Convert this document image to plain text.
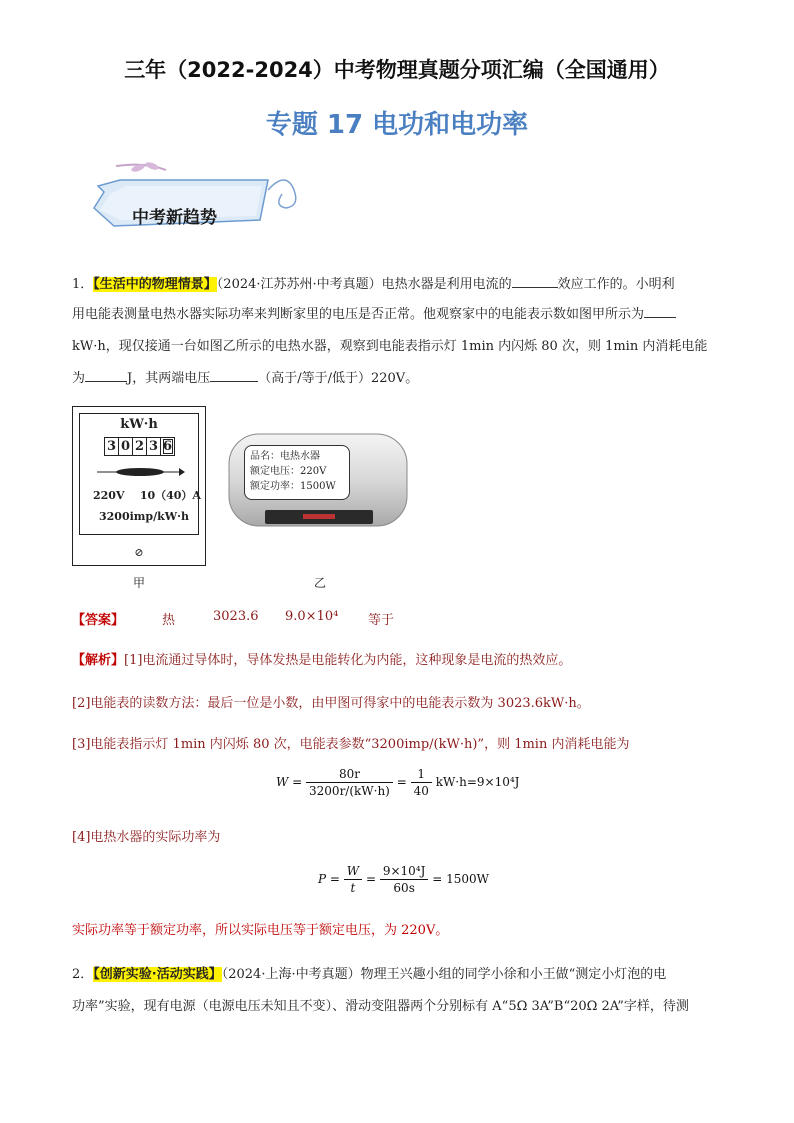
三年（2022-2024）中考物理真题分项汇编（全国通用）
专题 17 电功和电功率
中考新趋势
1．【生活中的物理情景】（2024·江苏苏州·中考真题）电热水器是利用电流的	效应工作的。小明利
用电能表测量电热水器实际功率来判断家里的电压是否正常。他观察家中的电能表示数如图甲所示为
kW·h，现仅接通一台如图乙所示的电热水器，观察到电能表指示灯 1min 内闪烁 80 次，则 1min 内消耗电能
为	J，其两端电压	（高于/等于/低于）220V。
kW·h
3 0 2 3 6
220V    10（40）A
3200imp/kW·h
⊘
甲
品名：电热水器
额定电压：220V
额定功率：1500W
乙
【答案】	热	3023.6 9.0×10⁴ 等于
【解析】[1]电流通过导体时，导体发热是电能转化为内能，这种现象是电流的热效应。
[2]电能表的读数方法：最后一位是小数，由甲图可得家中的电能表示数为 3023.6kW·h。
[3]电能表指示灯 1min 内闪烁 80 次，电能表参数“3200imp/(kW·h)”，则 1min 内消耗电能为
$W = \frac{80r}{3200r/(kW\cdot h)} = \frac{1}{40} kW\cdot h=9\times 10^4J$
[4]电热水器的实际功率为
$P = \frac{W}{t} = \frac{\text{9×10⁴J}}{60s} = 1500W$
实际功率等于额定功率，所以实际电压等于额定电压，为 220V。
2．【创新实验·活动实践】（2024·上海·中考真题）物理王兴趣小组的同学小徐和小王做“测定小灯泡的电
功率”实验，现有电源（电源电压未知且不变）、滑动变阻器两个分别标有 A“5Ω 3A”B“20Ω 2A”字样，待测
